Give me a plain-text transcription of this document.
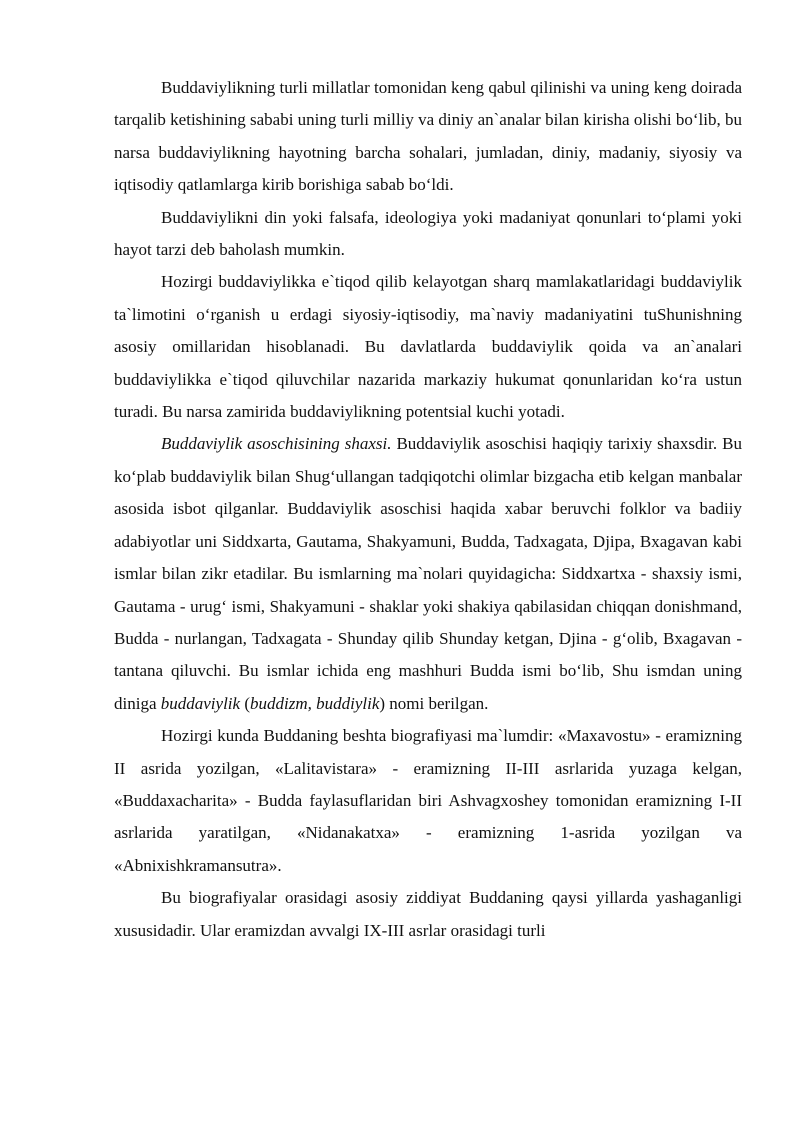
Buddaviylikning turli millatlar tomonidan keng qabul qilinishi va uning keng doirada tarqalib ketishining sababi uning turli milliy va diniy an`analar bilan kirisha olishi bo‘lib, bu narsa buddaviylikning hayotning barcha sohalari, jumladan, diniy, madaniy, siyosiy va iqtisodiy qatlamlarga kirib borishiga sabab bo‘ldi.

Buddaviylikni din yoki falsafa, ideologiya yoki madaniyat qonunlari to‘plami yoki hayot tarzi deb baholash mumkin.

Hozirgi buddaviylikka e`tiqod qilib kelayotgan sharq mamlakatlaridagi buddaviylik ta`limotini o‘rganish u erdagi siyosiy-iqtisodiy, ma`naviy madaniyatini tuShunishning asosiy omillaridan hisoblanadi. Bu davlatlarda buddaviylik qoida va an`analari buddaviylikka e`tiqod qiluvchilar nazarida markaziy hukumat qonunlaridan ko‘ra ustun turadi. Bu narsa zamirida buddaviylikning potentsial kuchi yotadi.

Buddaviylik asoschisining shaxsi. Buddaviylik asoschisi haqiqiy tarixiy shaxsdir. Bu ko‘plab buddaviylik bilan Shug‘ullangan tadqiqotchi olimlar bizgacha etib kelgan manbalar asosida isbot qilganlar. Buddaviylik asoschisi haqida xabar beruvchi folklor va badiiy adabiyotlar uni Siddxarta, Gautama, Shakyamuni, Budda, Tadxagata, Djipa, Bxagavan kabi ismlar bilan zikr etadilar. Bu ismlarning ma`nolari quyidagicha: Siddxartxa - shaxsiy ismi, Gautama - urug‘ ismi, Shakyamuni - shaklar yoki shakiya qabilasidan chiqqan donishmand, Budda - nurlangan, Tadxagata - Shunday qilib Shunday ketgan, Djina - g‘olib, Bxagavan - tantana qiluvchi. Bu ismlar ichida eng mashhuri Budda ismi bo‘lib, Shu ismdan uning diniga buddaviylik (buddizm, buddiylik) nomi berilgan.

Hozirgi kunda Buddaning beshta biografiyasi ma`lumdir: «Maxavostu» - eramizning II asrida yozilgan, «Lalitavistara» - eramizning II-III asrlarida yuzaga kelgan, «Buddaxacharita» - Budda faylasuflaridan biri Ashvagxoshey tomonidan eramizning I-II asrlarida yaratilgan, «Nidanakatxa» - eramizning 1-asrida yozilgan va «Abnixishkramansutra».

Bu biografiyalar orasidagi asosiy ziddiyat Buddaning qaysi yillarda yashaganligi xususidadir. Ular eramizdan avvalgi IX-III asrlar orasidagi turli
